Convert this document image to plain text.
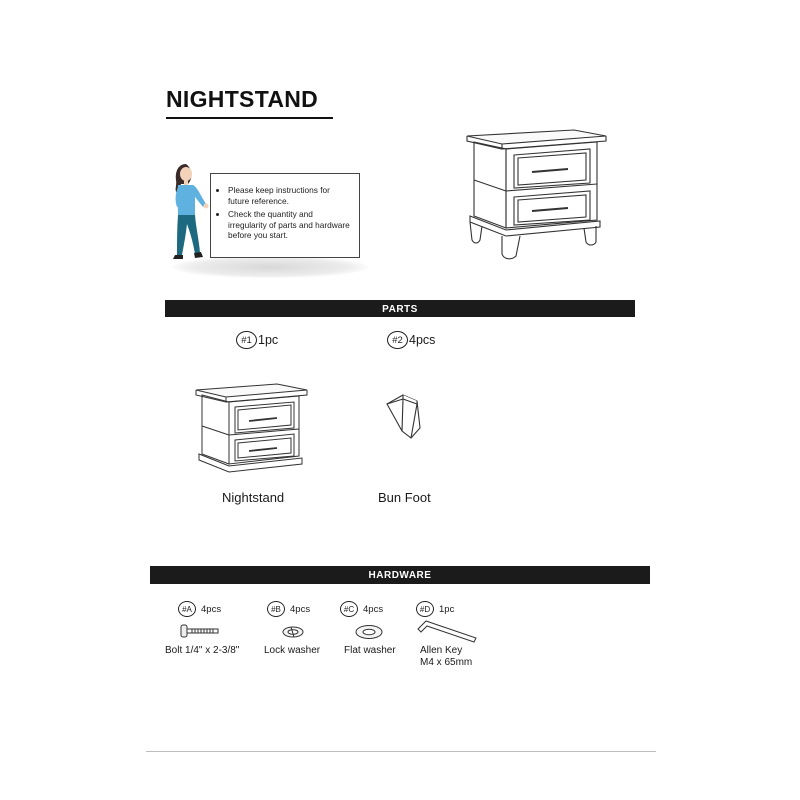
NIGHTSTAND
• Please keep instructions for future reference.
• Check the quantity and irregularity of parts and hardware before you start.
PARTS
#1 1pc	#2 4pcs
Nightstand	Bun Foot
HARDWARE
#A 4pcs
Bolt 1/4" x 2-3/8"
#B 4pcs
Lock washer
#C 4pcs
Flat washer
#D 1pc
Allen Key
M4 x 65mm
